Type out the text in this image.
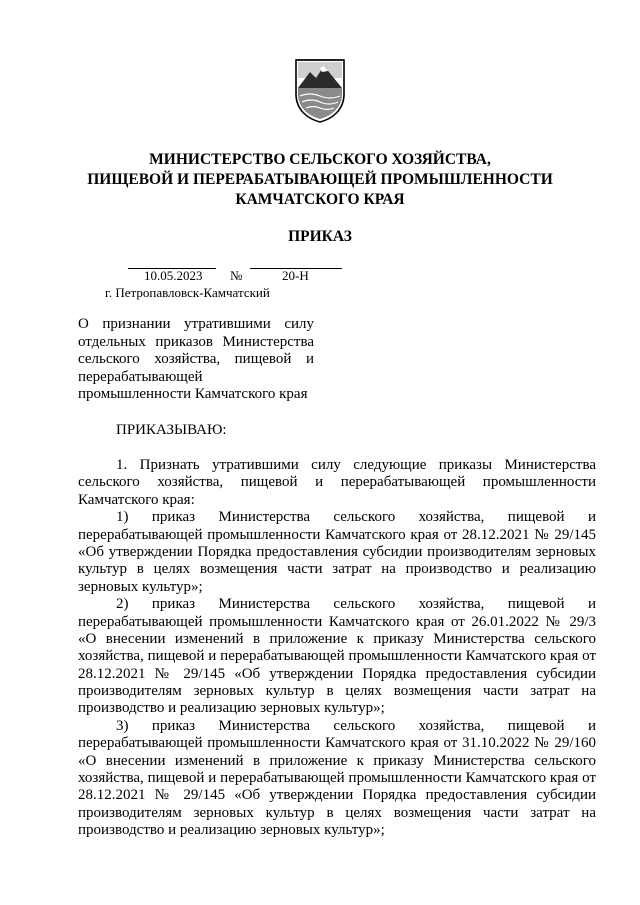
МИНИСТЕРСТВО СЕЛЬСКОГО ХОЗЯЙСТВА,
ПИЩЕВОЙ И ПЕРЕРАБАТЫВАЮЩЕЙ ПРОМЫШЛЕННОСТИ
КАМЧАТСКОГО КРАЯ
ПРИКАЗ
10.05.2023 №	20-Н
г. Петропавловск-Камчатский
О признании утратившими силу
отдельных приказов Министерства
сельского хозяйства, пищевой и
перерабатывающей
промышленности Камчатского края
ПРИКАЗЫВАЮ:
1. Признать утратившими силу следующие приказы Министерства
сельского хозяйства, пищевой и перерабатывающей промышленности
Камчатского края:
1) приказ Министерства сельского хозяйства, пищевой и
перерабатывающей промышленности Камчатского края от 28.12.2021 № 29/145
«Об утверждении Порядка предоставления субсидии производителям зерновых
культур в целях возмещения части затрат на производство и реализацию
зерновых культур»;
2) приказ Министерства сельского хозяйства, пищевой и
перерабатывающей промышленности Камчатского края от 26.01.2022 № 29/3
«О внесении изменений в приложение к приказу Министерства сельского
хозяйства, пищевой и перерабатывающей промышленности Камчатского края от
28.12.2021 № 29/145 «Об утверждении Порядка предоставления субсидии
производителям зерновых культур в целях возмещения части затрат на
производство и реализацию зерновых культур»;
3) приказ Министерства сельского хозяйства, пищевой и
перерабатывающей промышленности Камчатского края от 31.10.2022 № 29/160
«О внесении изменений в приложение к приказу Министерства сельского
хозяйства, пищевой и перерабатывающей промышленности Камчатского края от
28.12.2021 № 29/145 «Об утверждении Порядка предоставления субсидии
производителям зерновых культур в целях возмещения части затрат на
производство и реализацию зерновых культур»;
